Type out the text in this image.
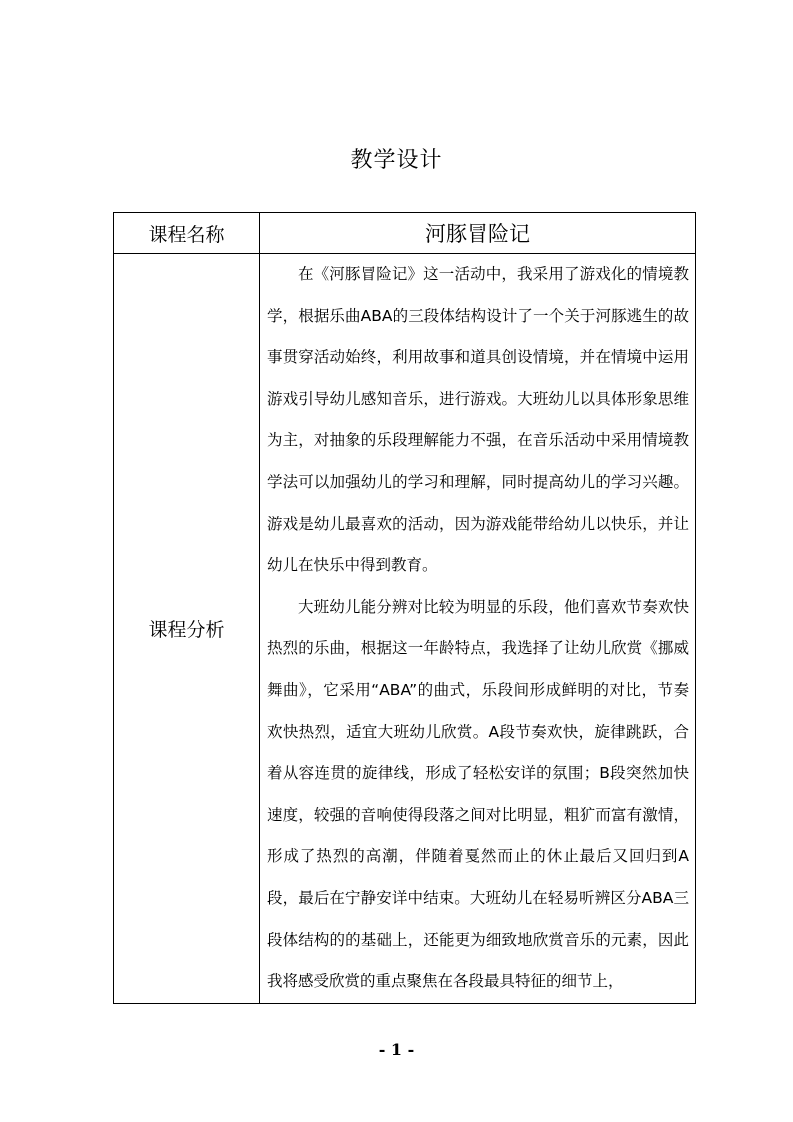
教学设计
课程名称	河豚冒险记
课程分析	在《河豚冒险记》这一活动中，我采用了游戏化的情境教学，根据乐曲ABA的三段体结构设计了一个关于河豚逃生的故事贯穿活动始终，利用故事和道具创设情境，并在情境中运用游戏引导幼儿感知音乐，进行游戏。大班幼儿以具体形象思维为主，对抽象的乐段理解能力不强，在音乐活动中采用情境教学法可以加强幼儿的学习和理解，同时提高幼儿的学习兴趣。游戏是幼儿最喜欢的活动，因为游戏能带给幼儿以快乐，并让幼儿在快乐中得到教育。

大班幼儿能分辨对比较为明显的乐段，他们喜欢节奏欢快热烈的乐曲，根据这一年龄特点，我选择了让幼儿欣赏《挪威舞曲》，它采用“ABA”的曲式，乐段间形成鲜明的对比，节奏欢快热烈，适宜大班幼儿欣赏。A段节奏欢快，旋律跳跃，合着从容连贯的旋律线，形成了轻松安详的氛围；B段突然加快速度，较强的音响使得段落之间对比明显，粗犷而富有激情，形成了热烈的高潮，伴随着戛然而止的休止最后又回归到A段，最后在宁静安详中结束。大班幼儿在轻易听辨区分ABA三段体结构的的基础上，还能更为细致地欣赏音乐的元素，因此我将感受欣赏的重点聚焦在各段最具特征的细节上，

- 1 -
